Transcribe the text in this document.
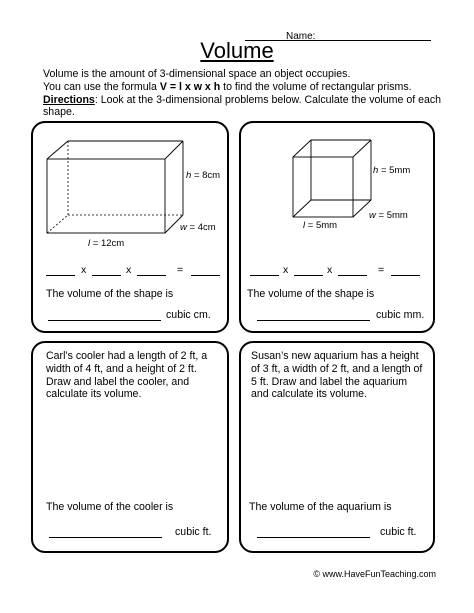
Name:
Volume

Volume is the amount of 3-dimensional space an object occupies.

You can use the formula V = l x w x h to find the volume of rectangular prisms.

Directions: Look at the 3-dimensional problems below. Calculate the volume of each shape.

h = 8cm
w = 4cm
l = 12cm
x	x	=
The volume of the shape is
cubic cm.
h = 5mm
w = 5mm
l = 5mm
x	x	=
The volume of the shape is
cubic mm.
Carl’s cooler had a length of 2 ft, a width of 4 ft, and a height of 2 ft. Draw and label the cooler, and calculate its volume.
The volume of the cooler is
cubic ft.
Susan’s new aquarium has a height of 3 ft, a width of 2 ft, and a length of 5 ft. Draw and label the aquarium and calculate its volume.
The volume of the aquarium is
cubic ft.
© www.HaveFunTeaching.com
